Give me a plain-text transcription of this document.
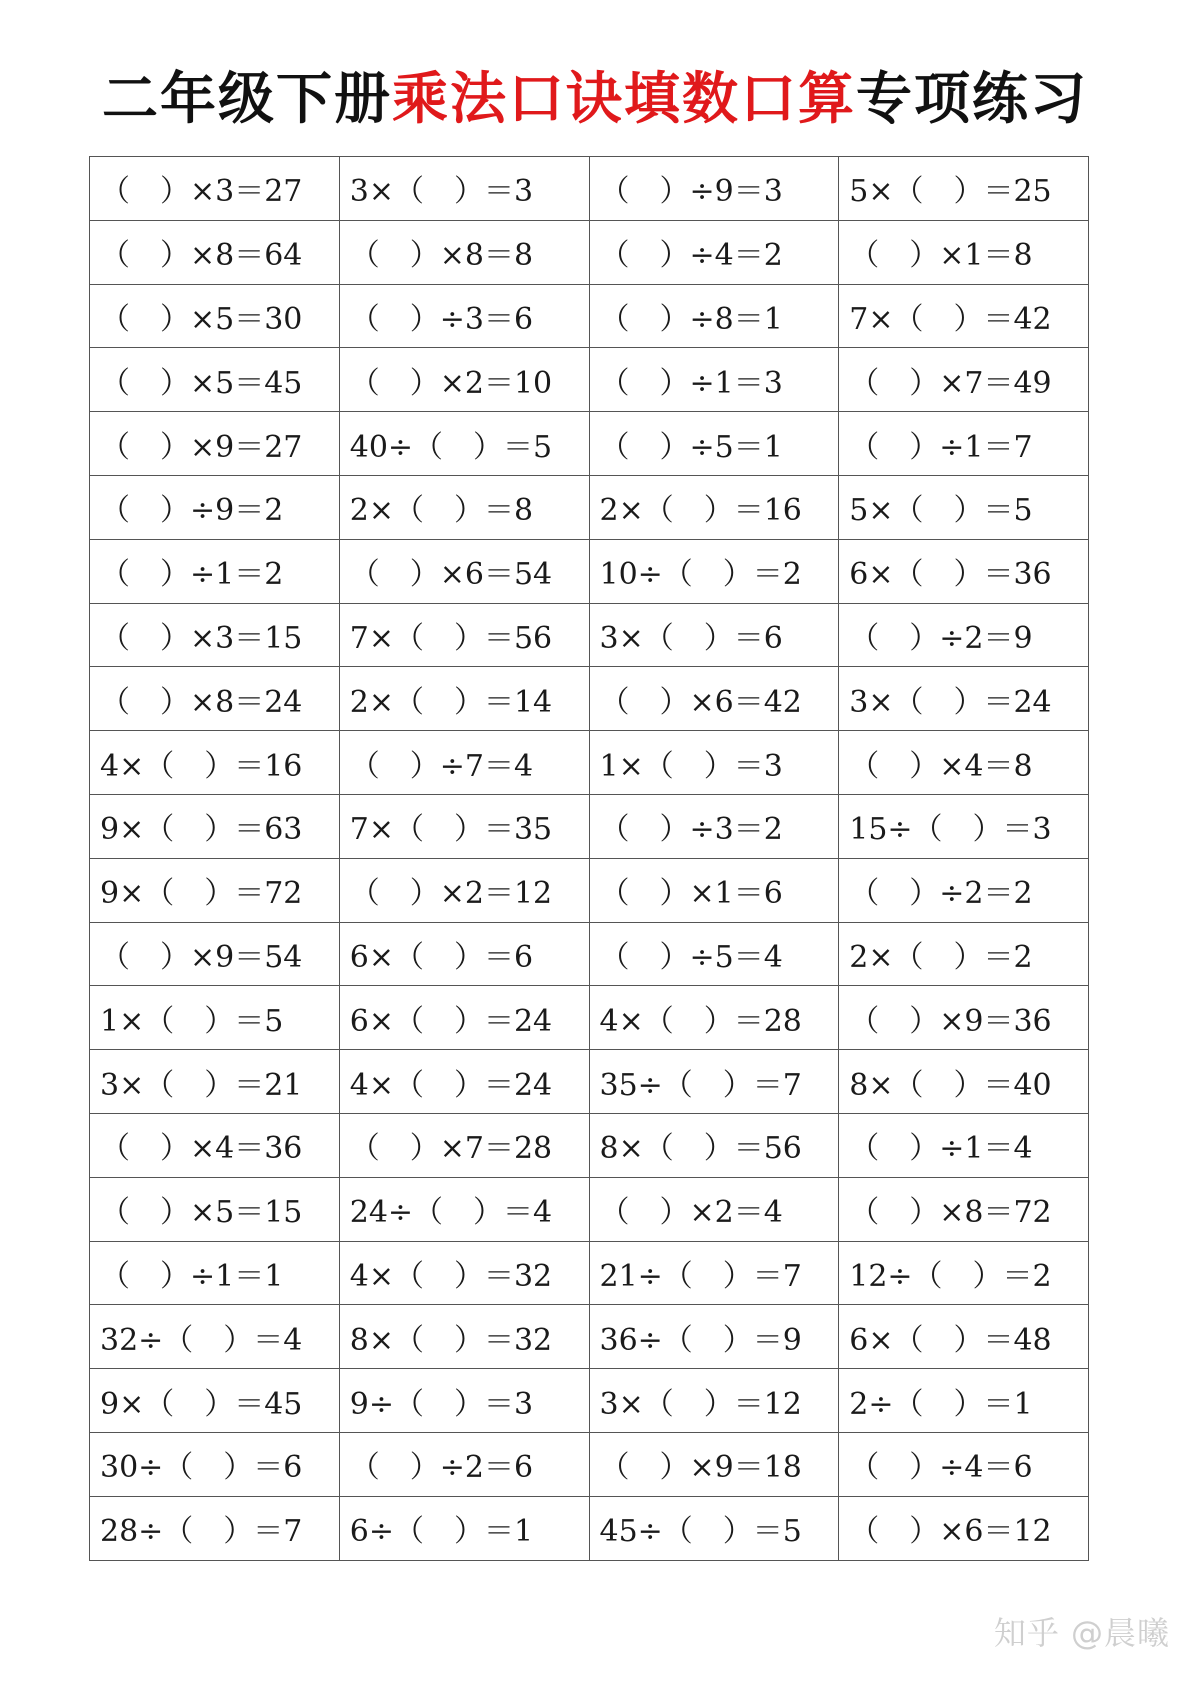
二年级下册乘法口诀填数口算专项练习
（　）×3＝27	3×（　）＝3	（　）÷9＝3	5×（　）＝25
（　）×8＝64	（　）×8＝8	（　）÷4＝2	（　）×1＝8
（　）×5＝30	（　）÷3＝6	（　）÷8＝1	7×（　）＝42
（　）×5＝45	（　）×2＝10	（　）÷1＝3	（　）×7＝49
（　）×9＝27	40÷（　）＝5	（　）÷5＝1	（　）÷1＝7
（　）÷9＝2	2×（　）＝8	2×（　）＝16	5×（　）＝5
（　）÷1＝2	（　）×6＝54	10÷（　）＝2	6×（　）＝36
（　）×3＝15	7×（　）＝56	3×（　）＝6	（　）÷2＝9
（　）×8＝24	2×（　）＝14	（　）×6＝42	3×（　）＝24
4×（　）＝16	（　）÷7＝4	1×（　）＝3	（　）×4＝8
9×（　）＝63	7×（　）＝35	（　）÷3＝2	15÷（　）＝3
9×（　）＝72	（　）×2＝12	（　）×1＝6	（　）÷2＝2
（　）×9＝54	6×（　）＝6	（　）÷5＝4	2×（　）＝2
1×（　）＝5	6×（　）＝24	4×（　）＝28	（　）×9＝36
3×（　）＝21	4×（　）＝24	35÷（　）＝7	8×（　）＝40
（　）×4＝36	（　）×7＝28	8×（　）＝56	（　）÷1＝4
（　）×5＝15	24÷（　）＝4	（　）×2＝4	（　）×8＝72
（　）÷1＝1	4×（　）＝32	21÷（　）＝7	12÷（　）＝2
32÷（　）＝4	8×（　）＝32	36÷（　）＝9	6×（　）＝48
9×（　）＝45	9÷（　）＝3	3×（　）＝12	2÷（　）＝1
30÷（　）＝6	（　）÷2＝6	（　）×9＝18	（　）÷4＝6
28÷（　）＝7	6÷（　）＝1	45÷（　）＝5	（　）×6＝12
知乎 @晨曦
